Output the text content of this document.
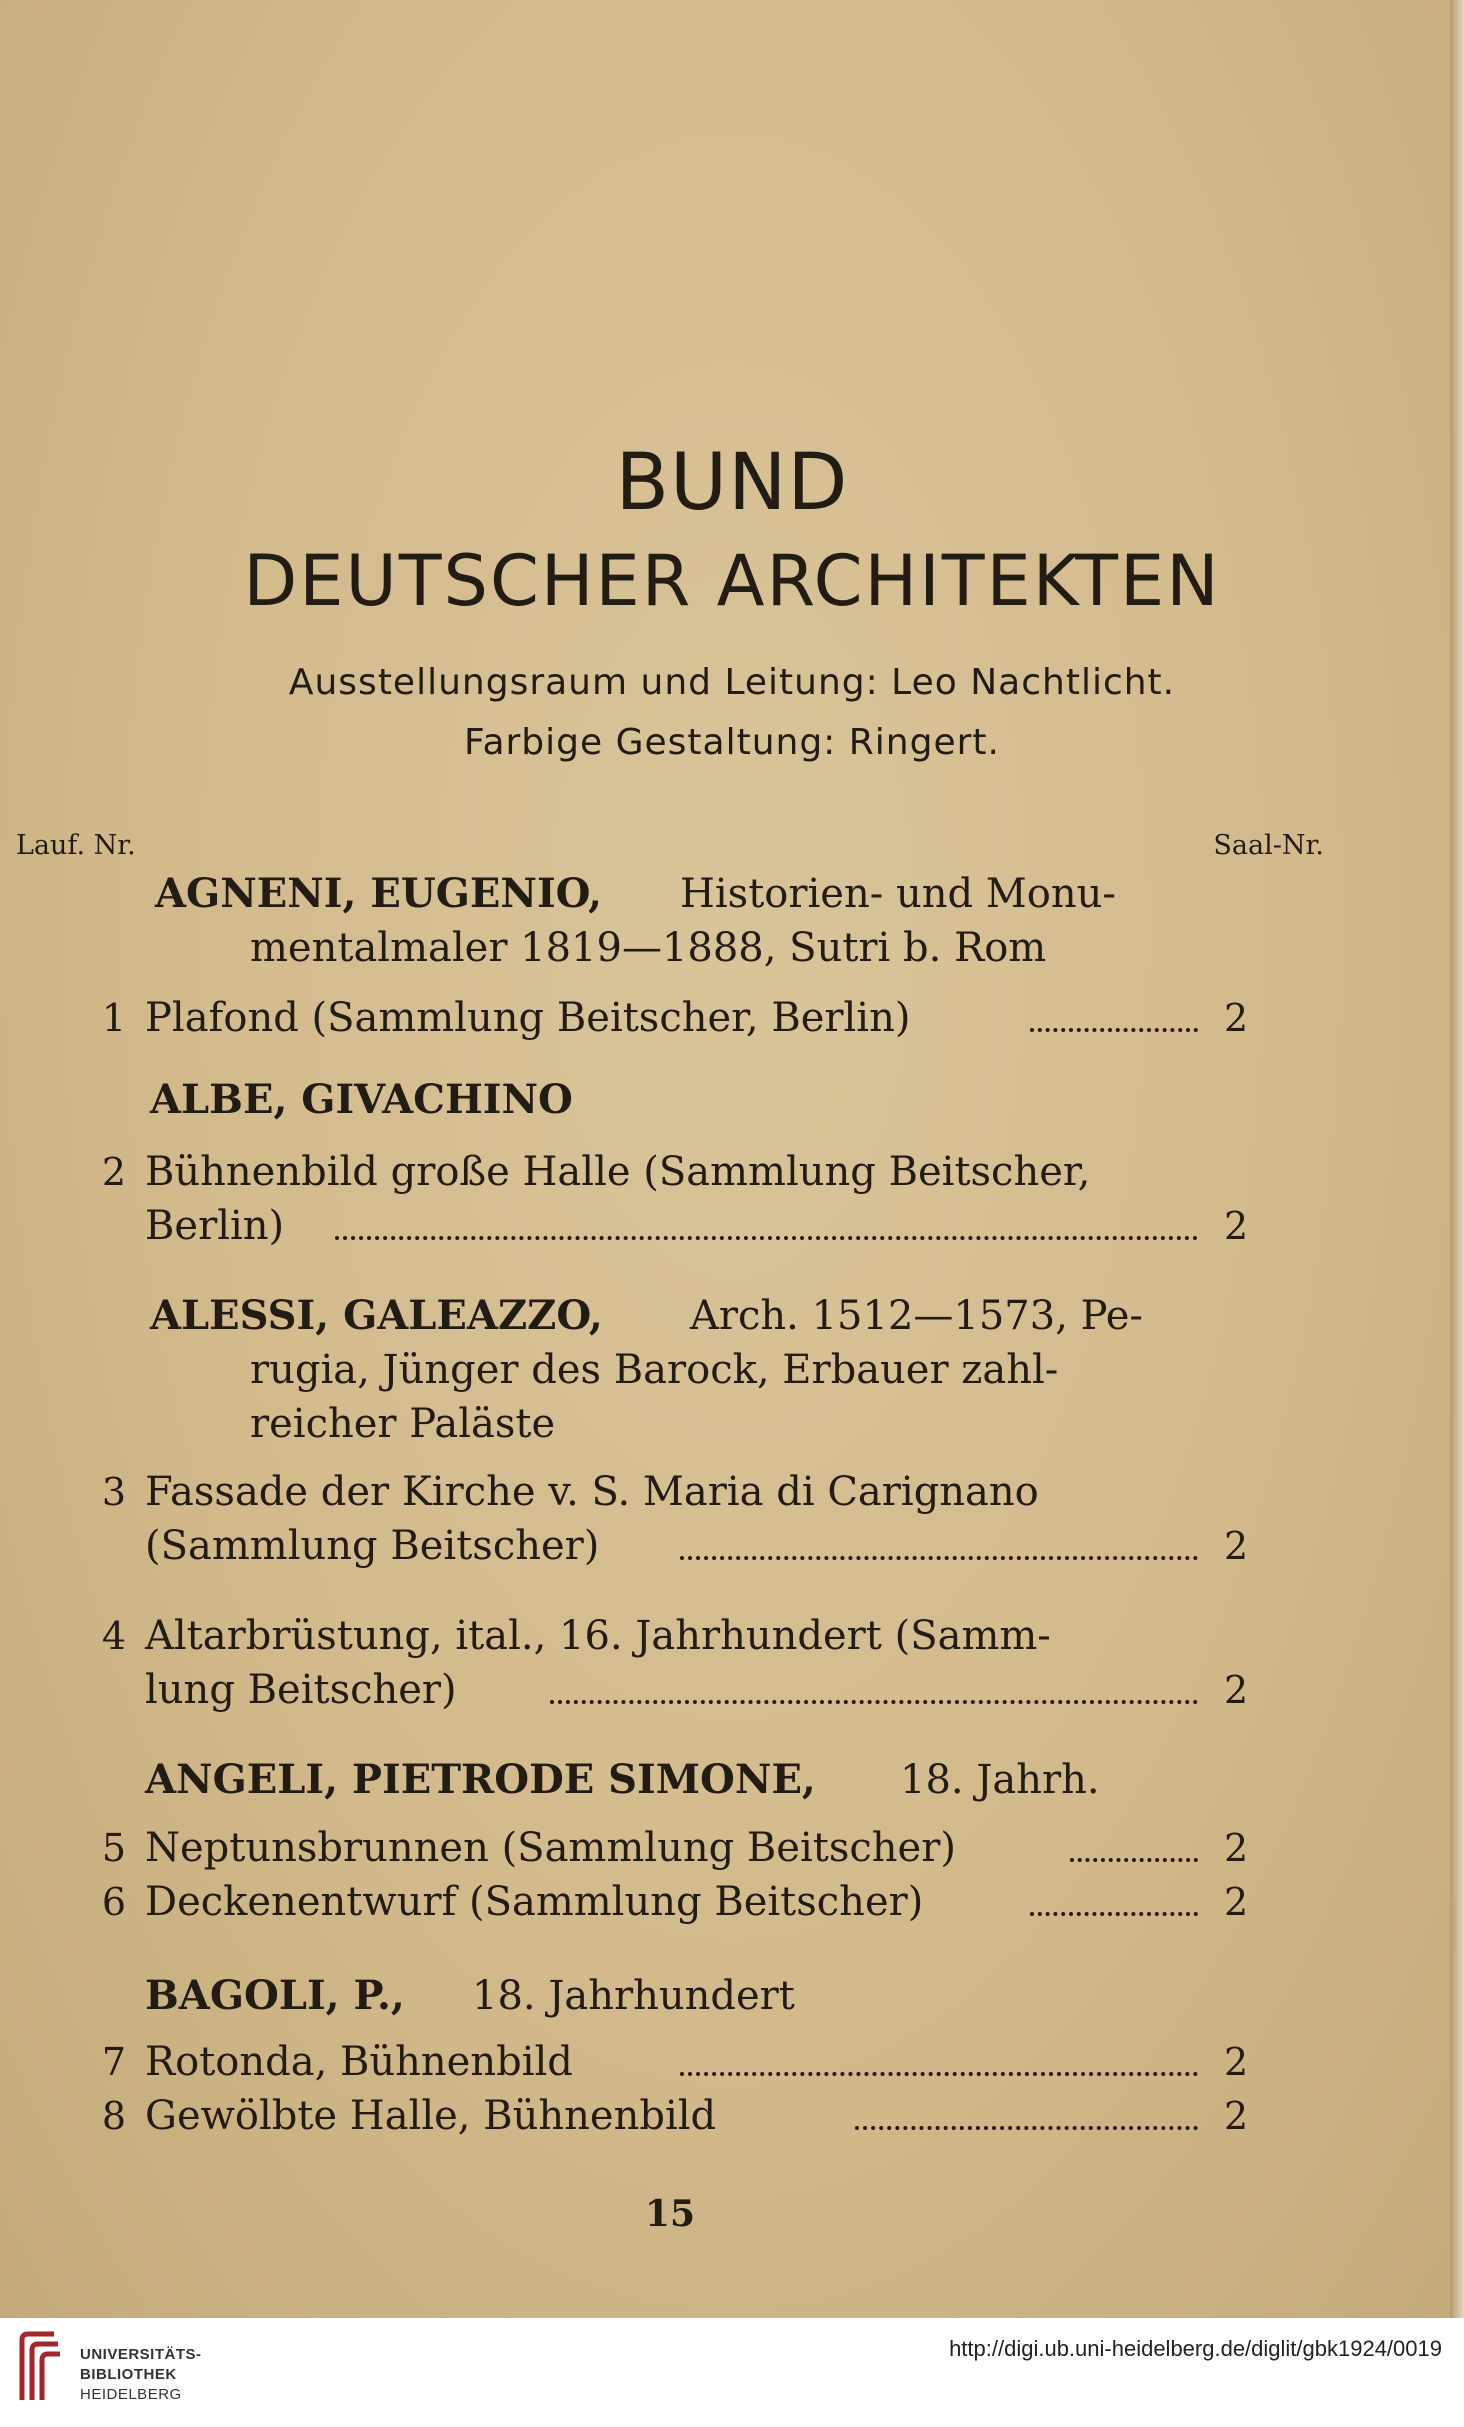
BUND
DEUTSCHER ARCHITEKTEN
Ausstellungsraum und Leitung: Leo Nachtlicht.
Farbige Gestaltung: Ringert.
Lauf. Nr.	Saal-Nr.
AGNENI, EUGENIO, Historien- und Monu-
mentalmaler 1819—1888, Sutri b. Rom
1 Plafond (Sammlung Beitscher, Berlin)	2
ALBE, GIVACHINO
2 Bühnenbild große Halle (Sammlung Beitscher,
Berlin)	2
ALESSI, GALEAZZO, Arch. 1512—1573, Pe-
rugia, Jünger des Barock, Erbauer zahl-
reicher Paläste
3 Fassade der Kirche v. S. Maria di Carignano
(Sammlung Beitscher)	2
4 Altarbrüstung, ital., 16. Jahrhundert (Samm-
lung Beitscher)	2
ANGELI, PIETRODE SIMONE, 18. Jahrh.
5 Neptunsbrunnen (Sammlung Beitscher)	2
6 Deckenentwurf (Sammlung Beitscher)	2
BAGOLI, P., 18. Jahrhundert
7 Rotonda, Bühnenbild	2
8 Gewölbte Halle, Bühnenbild	2
15
UNIVERSITÄTS-
BIBLIOTHEK
HEIDELBERG
http://digi.ub.uni-heidelberg.de/diglit/gbk1924/0019
